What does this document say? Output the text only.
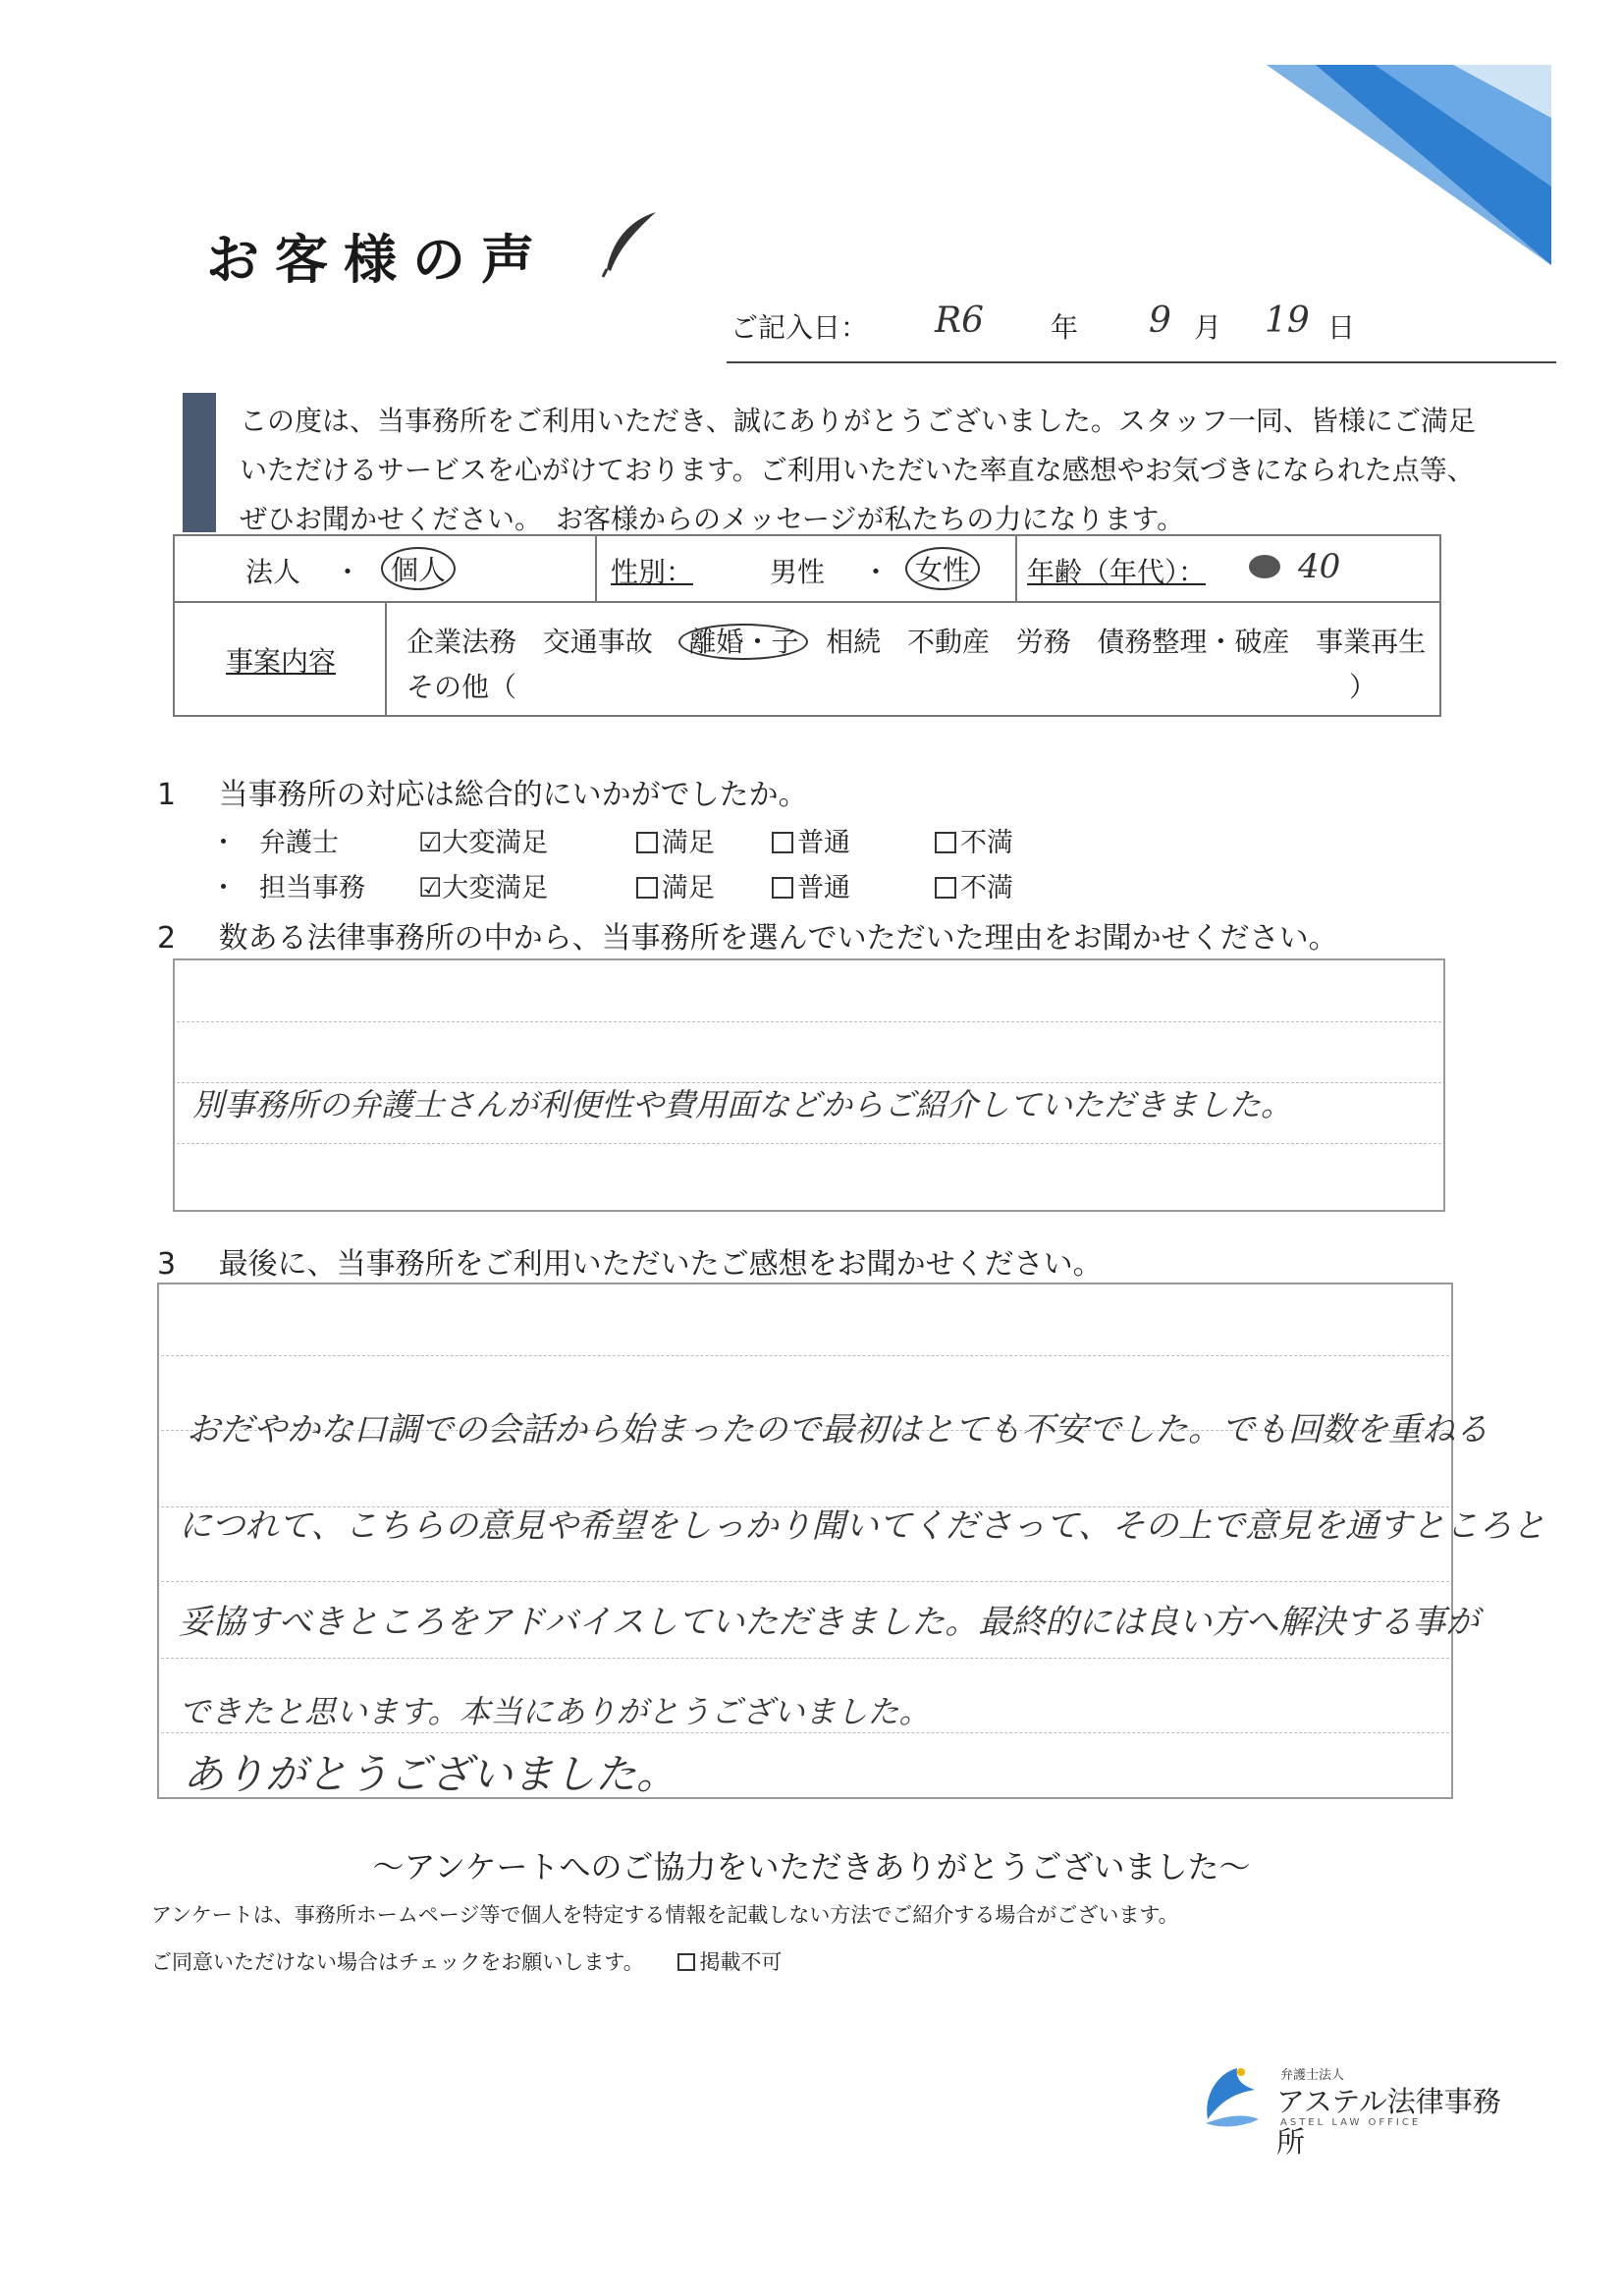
お客様の声
ご記入日： R6 年 9 月 19 日
この度は、当事務所をご利用いただき、誠にありがとうございました。スタッフ一同、皆様にご満足
いただけるサービスを心がけております。ご利用いただいた率直な感想やお気づきになられた点等、
ぜひお聞かせください。　お客様からのメッセージが私たちの力になります。
法人 ・	個人	性別：	男性 ・ 女性	年齢（年代）：	40
事案内容
企業法務 交通事故 離婚・子 相続 不動産 労務 債務整理・破産 事業再生
その他（	）
1 当事務所の対応は総合的にいかがでしたか。
・ 弁護士	☑大変満足	満足	普通	不満
・ 担当事務 ☑大変満足	満足	普通	不満
2 数ある法律事務所の中から、当事務所を選んでいただいた理由をお聞かせください。
別事務所の弁護士さんが利便性や費用面などからご紹介していただきました。
3 最後に、当事務所をご利用いただいたご感想をお聞かせください。
おだやかな口調での会話から始まったので最初はとても不安でした。でも回数を重ねる
につれて、こちらの意見や希望をしっかり聞いてくださって、その上で意見を通すところと
妥協すべきところをアドバイスしていただきました。最終的には良い方へ解決する事が
できたと思います。本当にありがとうございました。
ありがとうございました。
～アンケートへのご協力をいただきありがとうございました～
アンケートは、事務所ホームページ等で個人を特定する情報を記載しない方法でご紹介する場合がございます。
ご同意いただけない場合はチェックをお願いします。	掲載不可
弁護士法人
アステル法律事務所
ASTEL LAW OFFICE
